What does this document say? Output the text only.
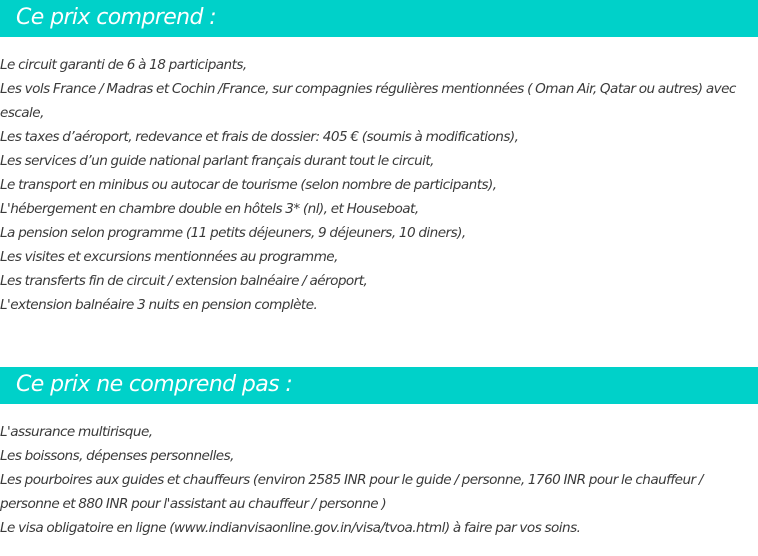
Ce prix comprend :
Le circuit garanti de 6 à 18 participants,
Les vols France / Madras et Cochin /France, sur compagnies régulières mentionnées ( Oman Air, Qatar ou autres) avec escale,
Les taxes d’aéroport, redevance et frais de dossier: 405 € (soumis à modifications),
Les services d’un guide national parlant français durant tout le circuit,
Le transport en minibus ou autocar de tourisme (selon nombre de participants),
L'hébergement en chambre double en hôtels 3* (nl), et Houseboat,
La pension selon programme (11 petits déjeuners, 9 déjeuners, 10 diners),
Les visites et excursions mentionnées au programme,
Les transferts fin de circuit / extension balnéaire / aéroport,
L'extension balnéaire 3 nuits en pension complète.
Ce prix ne comprend pas :
L'assurance multirisque,
Les boissons, dépenses personnelles,
Les pourboires aux guides et chauffeurs (environ 2585 INR pour le guide / personne, 1760 INR pour le chauffeur / personne et 880 INR pour l'assistant au chauffeur / personne )
Le visa obligatoire en ligne (www.indianvisaonline.gov.in/visa/tvoa.html) à faire par vos soins.
